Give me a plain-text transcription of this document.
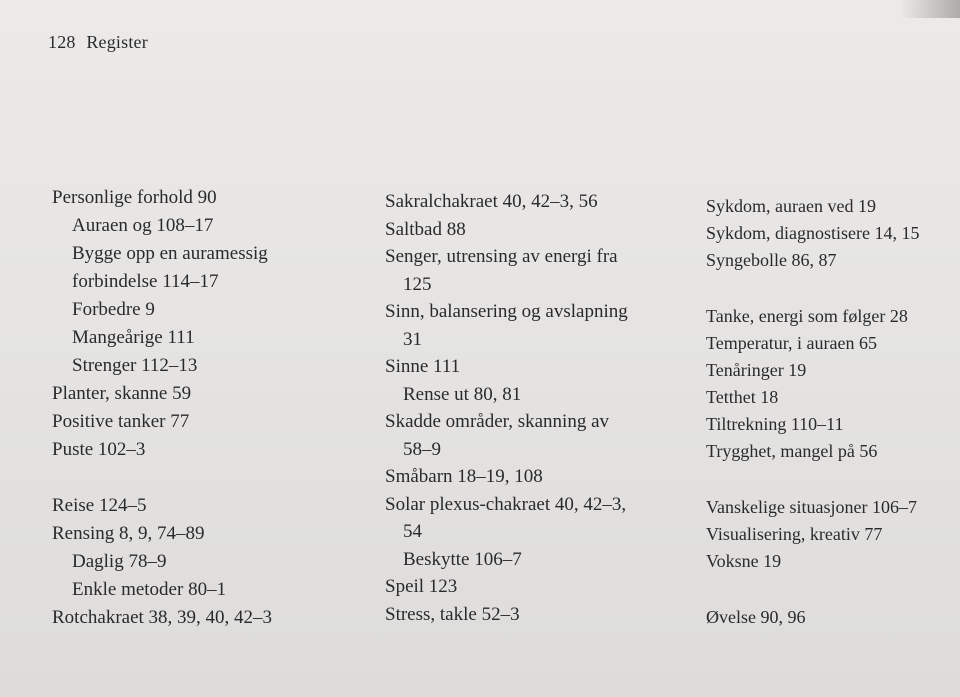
128 Register
Personlige forhold 90
Auraen og 108–17
Bygge opp en auramessig
forbindelse 114–17
Forbedre 9
Mangeårige 111
Strenger 112–13
Planter, skanne 59
Positive tanker 77
Puste 102–3
Reise 124–5
Rensing 8, 9, 74–89
Daglig 78–9
Enkle metoder 80–1
Rotchakraet 38, 39, 40, 42–3
Sakralchakraet 40, 42–3, 56
Saltbad 88
Senger, utrensing av energi fra
125
Sinn, balansering og avslapning
31
Sinne 111
Rense ut 80, 81
Skadde områder, skanning av
58–9
Småbarn 18–19, 108
Solar plexus-chakraet 40, 42–3,
54
Beskytte 106–7
Speil 123
Stress, takle 52–3
Sykdom, auraen ved 19
Sykdom, diagnostisere 14, 15
Syngebolle 86, 87
Tanke, energi som følger 28
Temperatur, i auraen 65
Tenåringer 19
Tetthet 18
Tiltrekning 110–11
Trygghet, mangel på 56
Vanskelige situasjoner 106–7
Visualisering, kreativ 77
Voksne 19
Øvelse 90, 96
